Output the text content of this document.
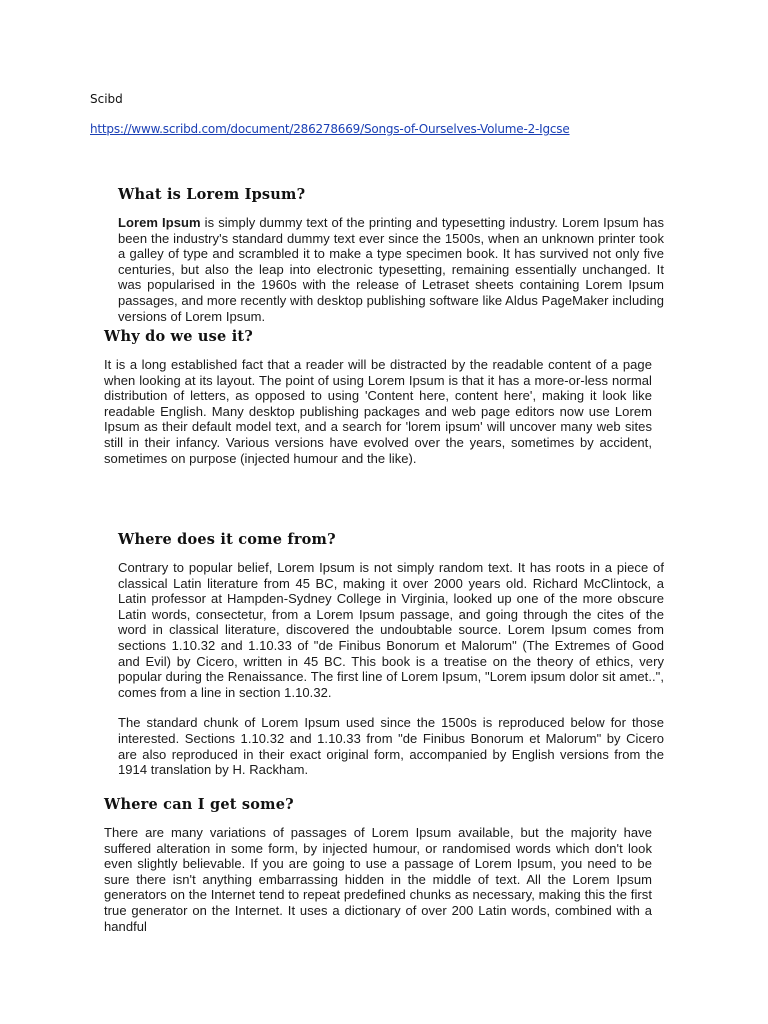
Scibd
https://www.scribd.com/document/286278669/Songs-of-Ourselves-Volume-2-Igcse
What is Lorem Ipsum?

Lorem Ipsum is simply dummy text of the printing and typesetting industry. Lorem Ipsum has been the industry's standard dummy text ever since the 1500s, when an unknown printer took a galley of type and scrambled it to make a type specimen book. It has survived not only five centuries, but also the leap into electronic typesetting, remaining essentially unchanged. It was popularised in the 1960s with the release of Letraset sheets containing Lorem Ipsum passages, and more recently with desktop publishing software like Aldus PageMaker including versions of Lorem Ipsum.

Why do we use it?

It is a long established fact that a reader will be distracted by the readable content of a page when looking at its layout. The point of using Lorem Ipsum is that it has a more-or-less normal distribution of letters, as opposed to using 'Content here, content here', making it look like readable English. Many desktop publishing packages and web page editors now use Lorem Ipsum as their default model text, and a search for 'lorem ipsum' will uncover many web sites still in their infancy. Various versions have evolved over the years, sometimes by accident, sometimes on purpose (injected humour and the like).

Where does it come from?

Contrary to popular belief, Lorem Ipsum is not simply random text. It has roots in a piece of classical Latin literature from 45 BC, making it over 2000 years old. Richard McClintock, a Latin professor at Hampden-Sydney College in Virginia, looked up one of the more obscure Latin words, consectetur, from a Lorem Ipsum passage, and going through the cites of the word in classical literature, discovered the undoubtable source. Lorem Ipsum comes from sections 1.10.32 and 1.10.33 of "de Finibus Bonorum et Malorum" (The Extremes of Good and Evil) by Cicero, written in 45 BC. This book is a treatise on the theory of ethics, very popular during the Renaissance. The first line of Lorem Ipsum, "Lorem ipsum dolor sit amet..", comes from a line in section 1.10.32.

The standard chunk of Lorem Ipsum used since the 1500s is reproduced below for those interested. Sections 1.10.32 and 1.10.33 from "de Finibus Bonorum et Malorum" by Cicero are also reproduced in their exact original form, accompanied by English versions from the 1914 translation by H. Rackham.

Where can I get some?

There are many variations of passages of Lorem Ipsum available, but the majority have suffered alteration in some form, by injected humour, or randomised words which don't look even slightly believable. If you are going to use a passage of Lorem Ipsum, you need to be sure there isn't anything embarrassing hidden in the middle of text. All the Lorem Ipsum generators on the Internet tend to repeat predefined chunks as necessary, making this the first true generator on the Internet. It uses a dictionary of over 200 Latin words, combined with a handful
